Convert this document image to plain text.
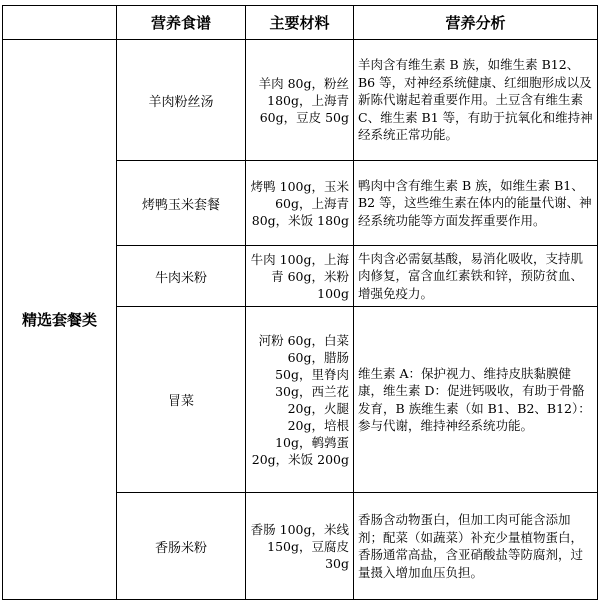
	营养食谱	主要材料	营养分析
精选套餐类	羊肉粉丝汤	羊肉 80g，粉丝 180g，上海青 60g，豆皮 50g	羊肉含有维生素 B 族，如维生素 B12、B6 等，对神经系统健康、红细胞形成以及新陈代谢起着重要作用。土豆含有维生素 C、维生素 B1 等，有助于抗氧化和维持神经系统正常功能。
	烤鸭玉米套餐	烤鸭 100g，玉米 60g，上海青 80g，米饭 180g	鸭肉中含有维生素 B 族，如维生素 B1、B2 等，这些维生素在体内的能量代谢、神经系统功能等方面发挥重要作用。
	牛肉米粉	牛肉 100g，上海青 60g，米粉 100g	牛肉含必需氨基酸，易消化吸收，支持肌肉修复，富含血红素铁和锌，预防贫血、增强免疫力。
	冒菜	河粉 60g，白菜 60g，腊肠 50g，里脊肉 30g，西兰花 20g，火腿 20g，培根 10g，鹌鹑蛋 20g，米饭 200g	维生素 A：保护视力、维持皮肤黏膜健康，维生素 D：促进钙吸收，有助于骨骼发育，B 族维生素（如 B1、B2、B12）：参与代谢，维持神经系统功能。
	香肠米粉	香肠 100g，米线 150g，豆腐皮 30g	香肠含动物蛋白，但加工肉可能含添加剂；配菜（如蔬菜）补充少量植物蛋白，香肠通常高盐，含亚硝酸盐等防腐剂，过量摄入增加血压负担。
